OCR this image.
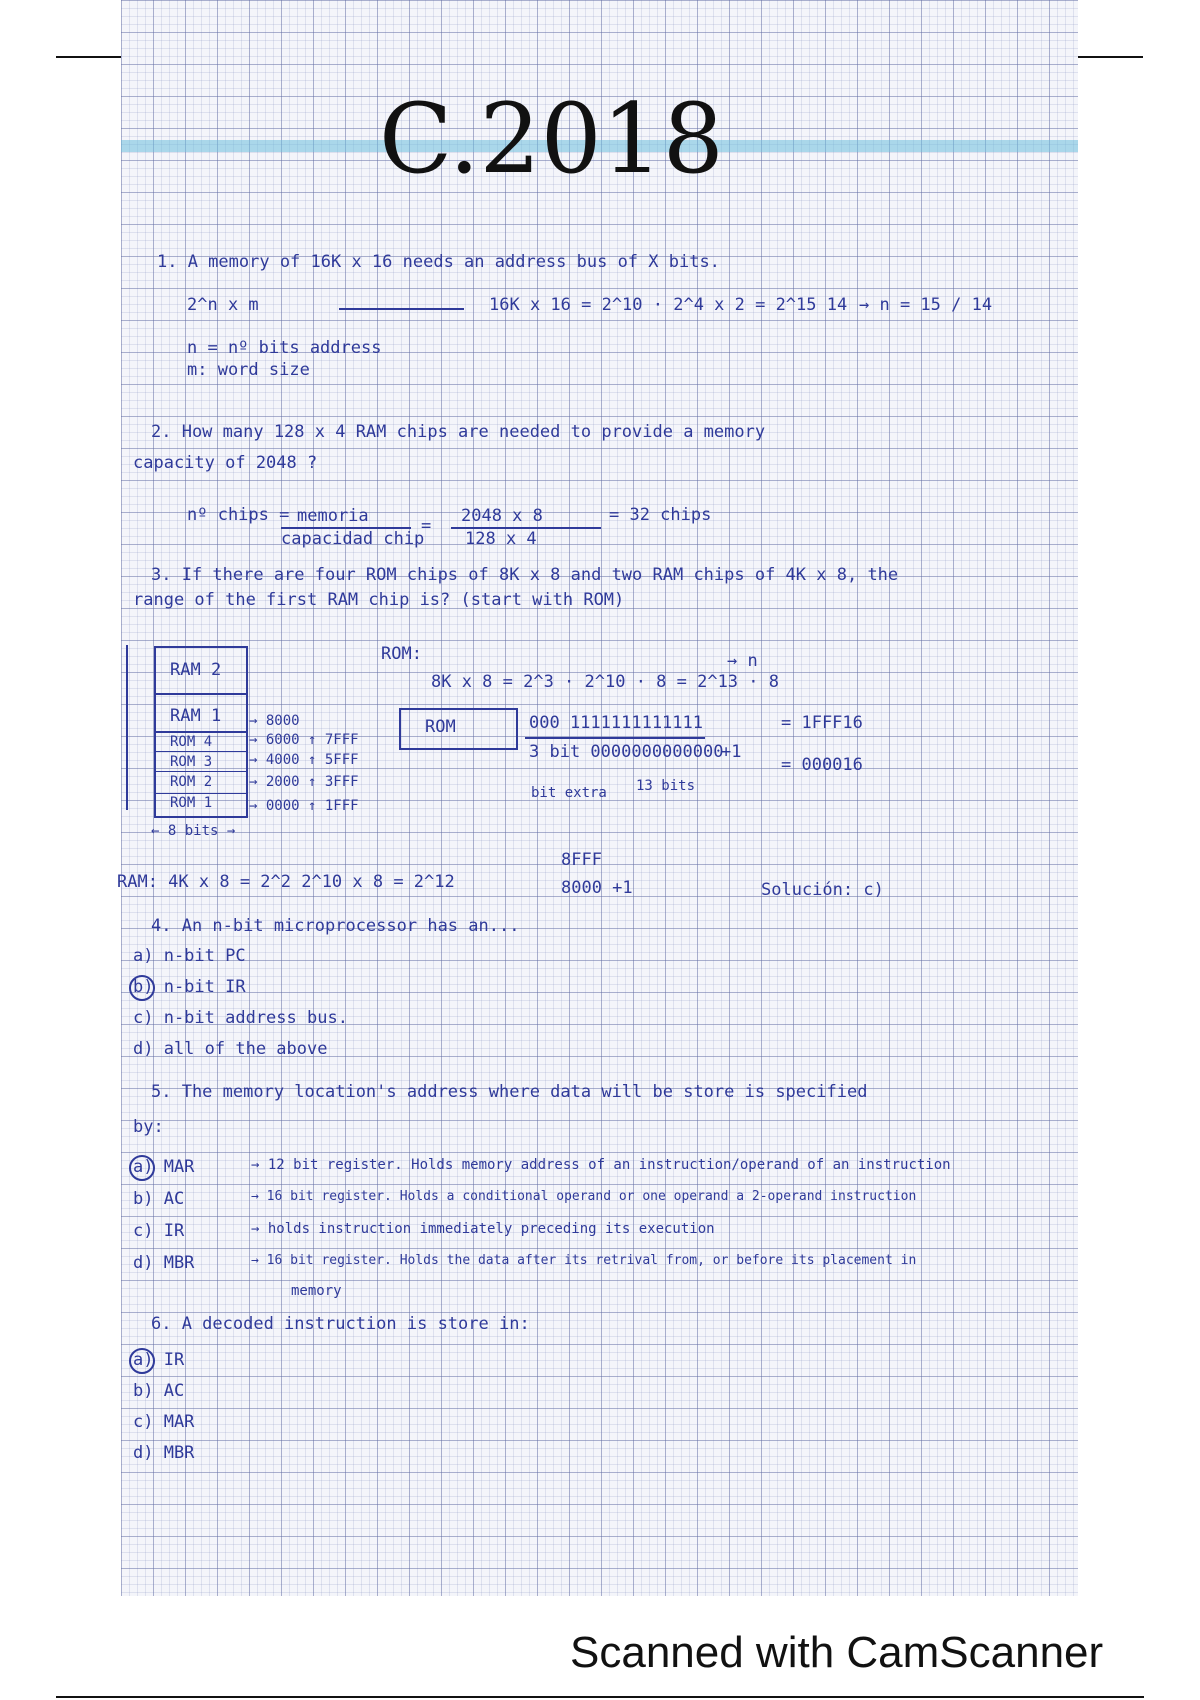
C.2018
1. A memory of 16K x 16 needs an address bus of X bits.
2^n x m	16K x 16 = 2^10 · 2^4 x 2 = 2^15 14 → n = 15 / 14
n = nº bits address
m: word size
2. How many 128 x 4 RAM chips are needed to provide a memory
capacity of 2048 ?
nº chips = memoria
capacidad chip
= 2048 x 8
128 x 4
= 32 chips
3. If there are four ROM chips of 8K x 8 and two RAM chips of 4K x 8, the
range of the first RAM chip is? (start with ROM)
RAM 2
RAM 1
ROM 4
ROM 3
ROM 2
ROM 1
← 8 bits →
→ 8000
→ 6000 ↑ 7FFF
→ 4000 ↑ 5FFF
→ 2000 ↑ 3FFF
→ 0000 ↑ 1FFF
ROM:
8K x 8 = 2^3 · 2^10 · 8 = 2^13 · 8
→ n
ROM	000 1111111111111
3 bit 0000000000000
bit extra 13 bits
+1
= 1FFF16
= 000016
RAM: 4K x 8 = 2^2 2^10 x 8 = 2^12
8FFF
8000 +1	Solución: c)
4. An n-bit microprocessor has an...
a) n-bit PC
b) n-bit IR
c) n-bit address bus.
d) all of the above
5. The memory location's address where data will be store is specified
by:
a) MAR	→ 12 bit register. Holds memory address of an instruction/operand of an instruction
b) AC	→ 16 bit register. Holds a conditional operand or one operand a 2-operand instruction
c) IR	→ holds instruction immediately preceding its execution
d) MBR	→ 16 bit register. Holds the data after its retrival from, or before its placement in
memory
6. A decoded instruction is store in:
a) IR
b) AC
c) MAR
d) MBR
Scanned with CamScanner
